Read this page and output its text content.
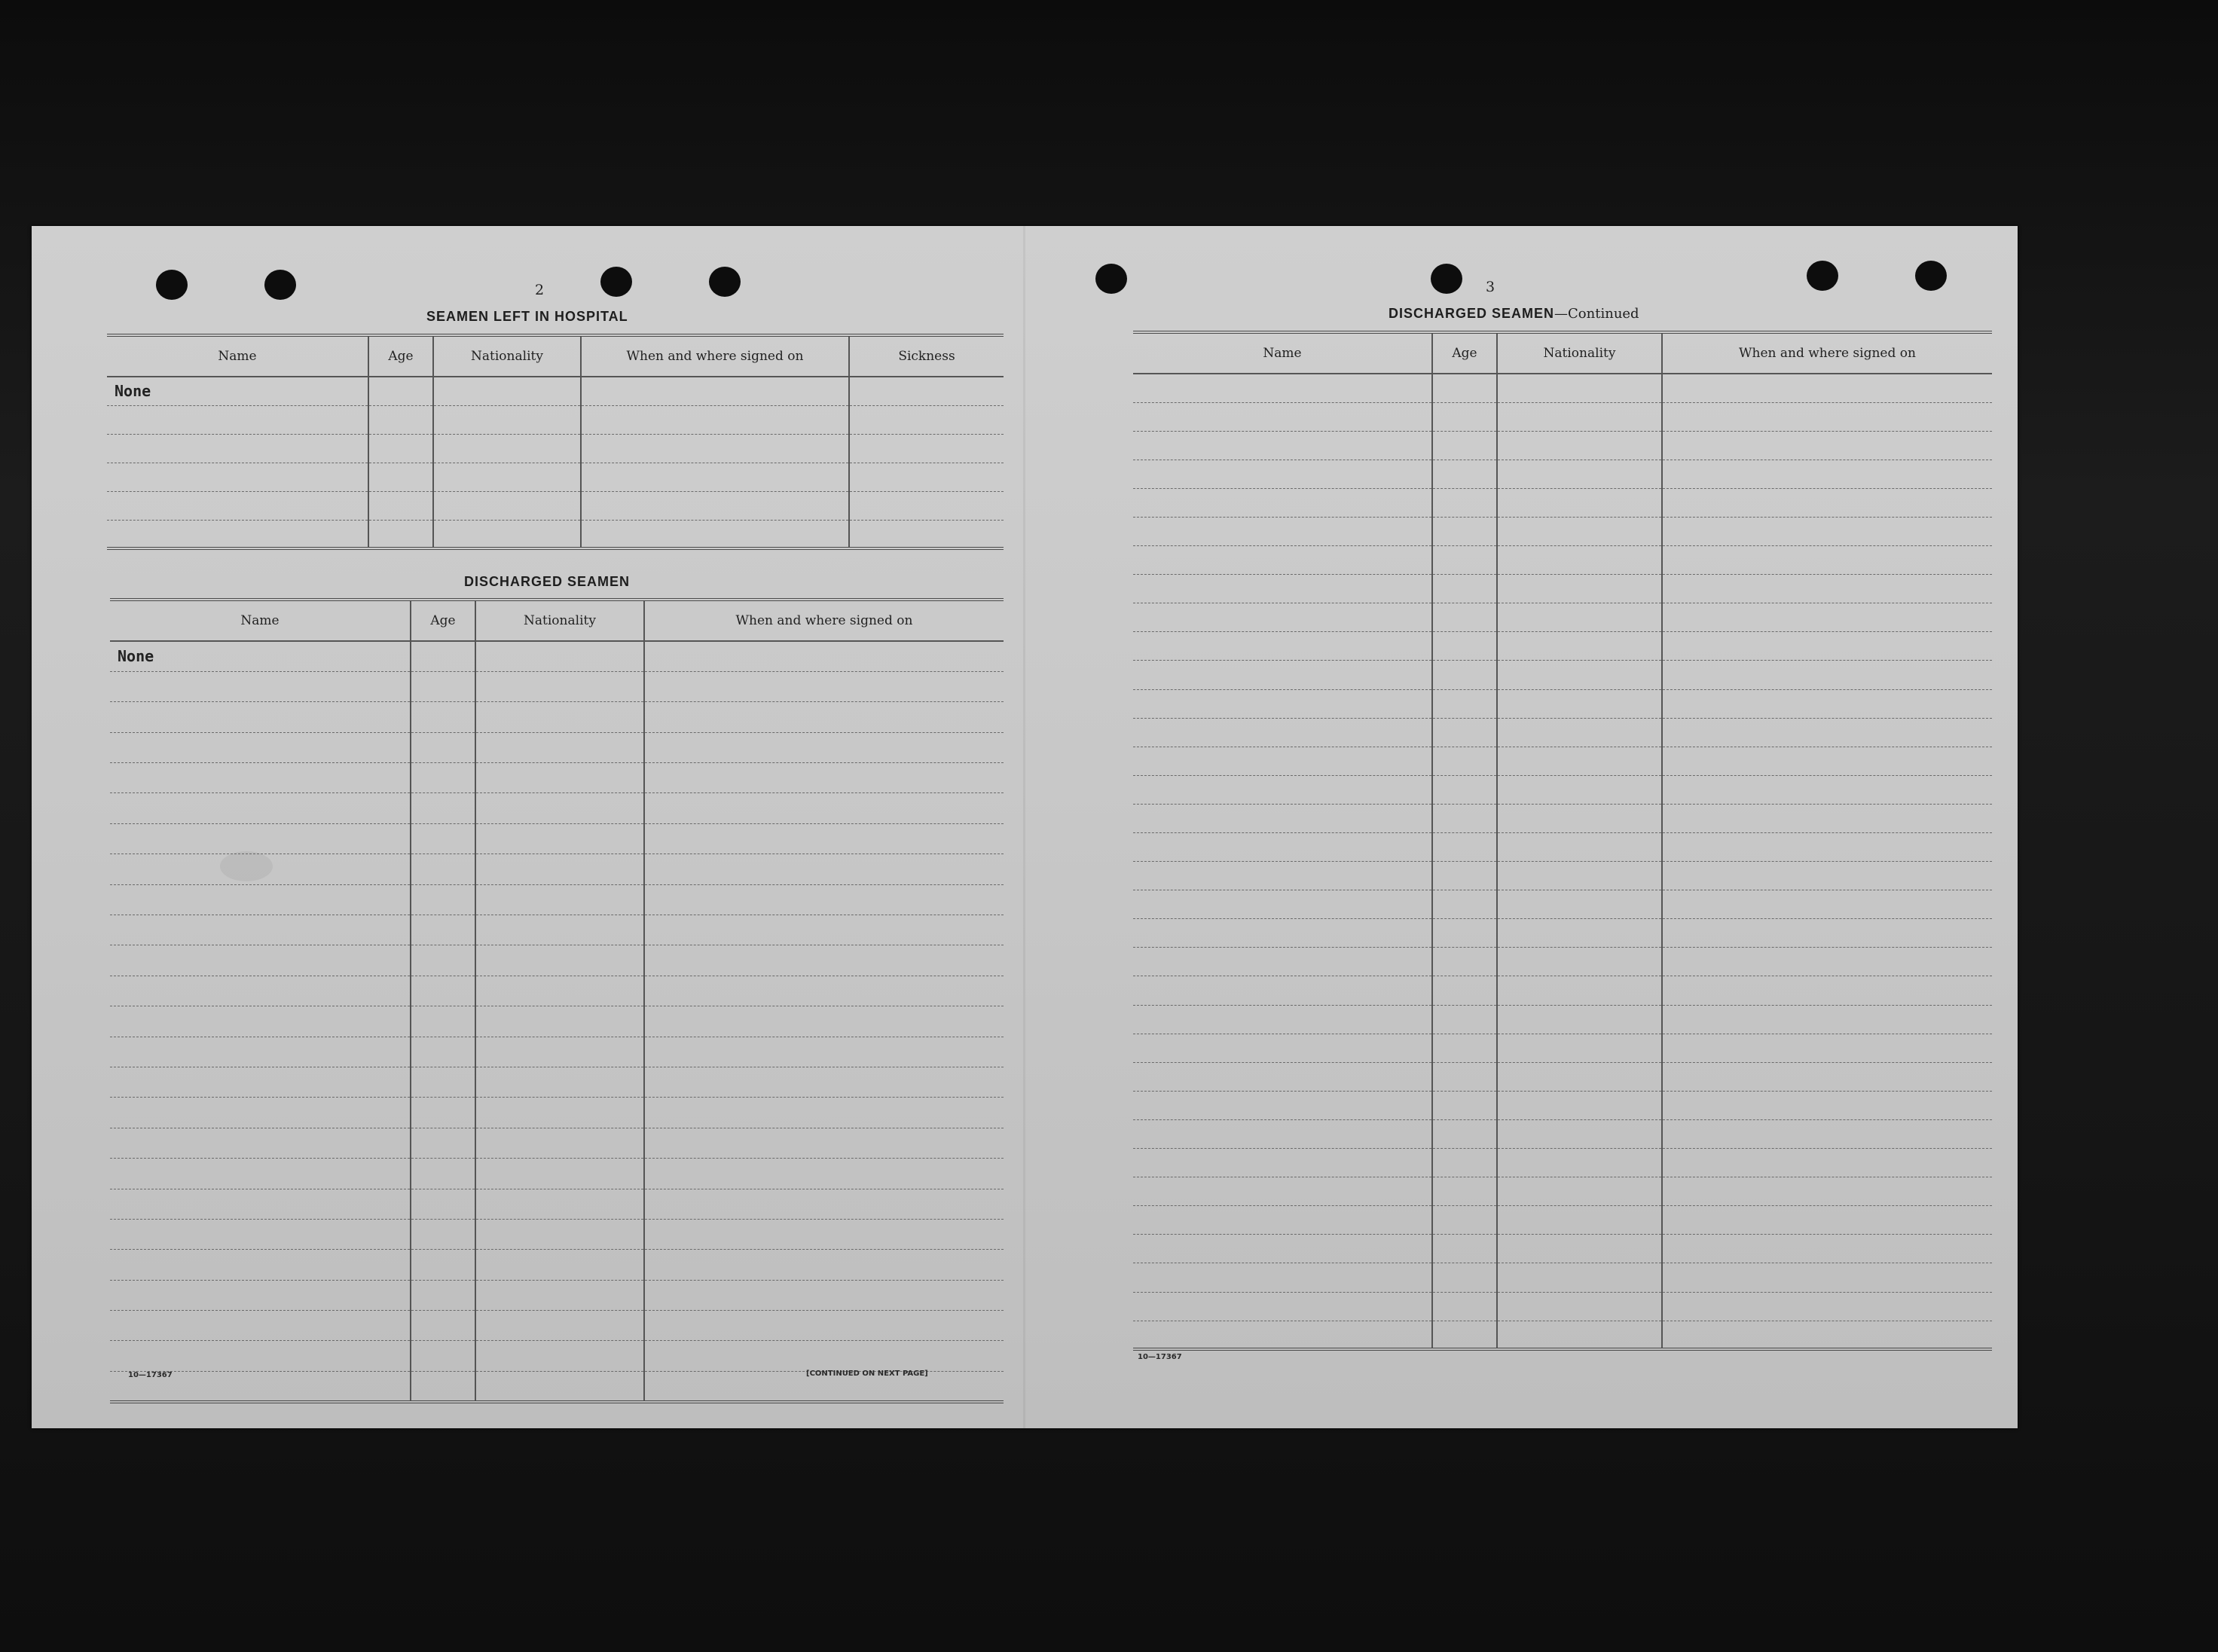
2
SEAMEN LEFT IN HOSPITAL
Name	Age	Nationality	When and where signed on	Sickness
None				

DISCHARGED SEAMEN
Name	Age	Nationality	When and where signed on
None			

10—17367	[CONTINUED ON NEXT PAGE]
3
DISCHARGED SEAMEN—Continued
Name	Age	Nationality	When and where signed on

10—17367
